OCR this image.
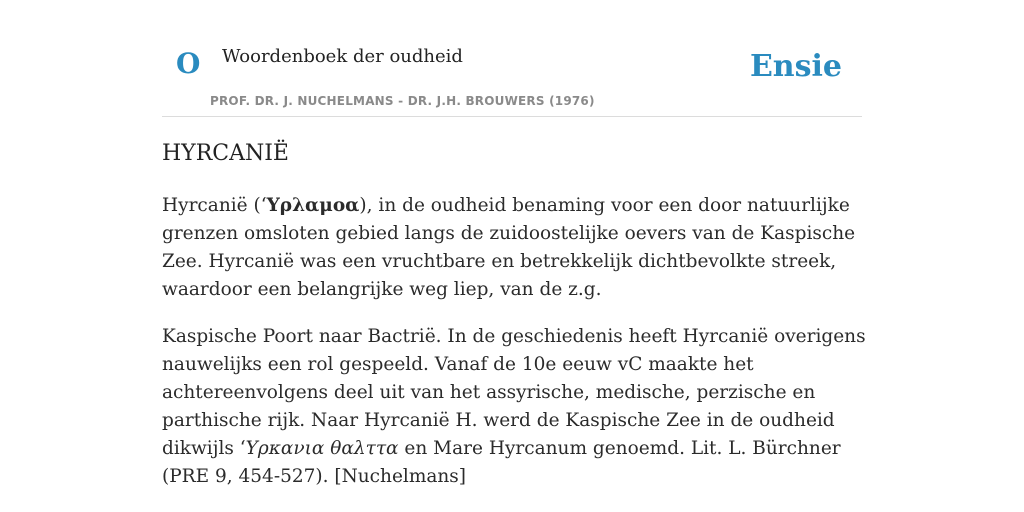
O Woordenboek der oudheid
PROF. DR. J. NUCHELMANS - DR. J.H. BROUWERS (1976)
Ensie
HYRCANIË

Hyrcanië (‘Υρλαμοα), in de oudheid benaming voor een door natuurlijke grenzen omsloten gebied langs de zuidoostelijke oevers van de Kaspische Zee. Hyrcanië was een vruchtbare en betrekkelijk dichtbevolkte streek, waardoor een belangrijke weg liep, van de z.g.

Kaspische Poort naar Bactrië. In de geschiedenis heeft Hyrcanië overigens nauwelijks een rol gespeeld. Vanaf de 10e eeuw vC maakte het achtereenvolgens deel uit van het assyrische, medische, perzische en parthische rijk. Naar Hyrcanië H. werd de Kaspische Zee in de oudheid dikwijls ‘Υρκανια θαλττα en Mare Hyrcanum genoemd. Lit. L. Bürchner (PRE 9, 454-527). [Nuchelmans]
